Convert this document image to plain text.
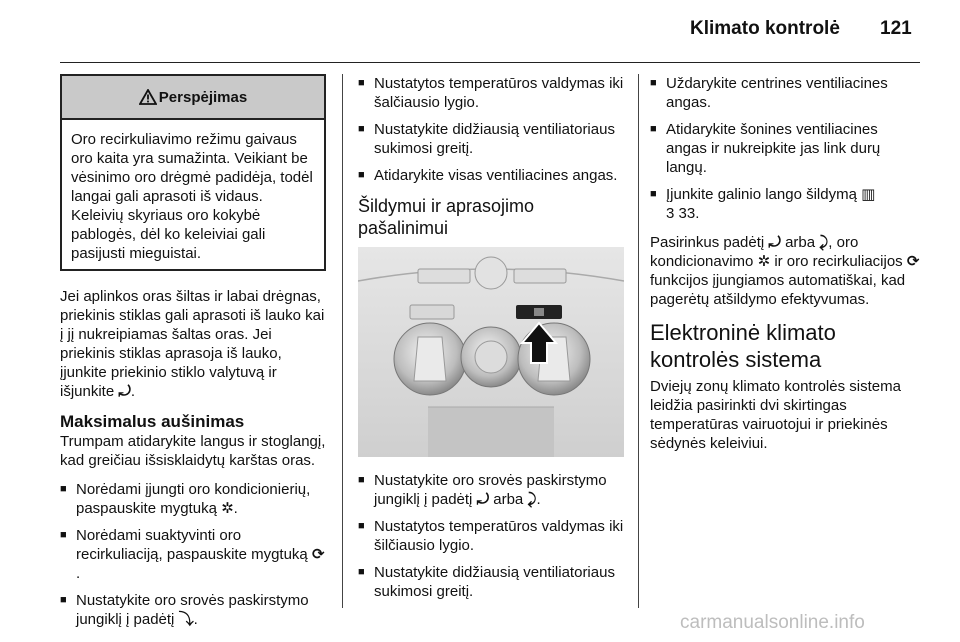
Klimato kontrolė 121
Perspėjimas
Oro recirkuliavimo režimu gaivaus oro kaita yra sumažinta. Veikiant be vėsinimo oro drėgmė padidėja, todėl langai gali aprasoti iš vidaus. Keleivių skyriaus oro kokybė pablogės, dėl ko keleiviai gali pasijusti mieguistai.

Jei aplinkos oras šiltas ir labai drėgnas, priekinis stiklas gali aprasoti iš lauko kai į jį nukreipiamas šaltas oras. Jei priekinis stiklas aprasoja iš lauko, įjunkite priekinio stiklo valytuvą ir išjunkite ⤾.

Maksimalus aušinimas

Trumpam atidarykite langus ir stoglangį, kad greičiau išsisklaidytų karštas oras.

■ Norėdami įjungti oro kondicionierių, paspauskite mygtuką ✲.
■ Norėdami suaktyvinti oro recirkuliaciją, paspauskite mygtuką ⟳.
■ Nustatykite oro srovės paskirstymo jungiklį į padėtį ⤵.
■ Nustatytos temperatūros valdymas iki šalčiausio lygio.
■ Nustatykite didžiausią ventiliatoriaus sukimosi greitį.
■ Atidarykite visas ventiliacines angas.
Šildymui ir aprasojimo pašalinimui
■ Nustatykite oro srovės paskirstymo jungiklį į padėtį ⤾ arba ⤸.
■ Nustatytos temperatūros valdymas iki šilčiausio lygio.
■ Nustatykite didžiausią ventiliatoriaus sukimosi greitį.
■ Uždarykite centrines ventiliacines angas.
■ Atidarykite šonines ventiliacines angas ir nukreipkite jas link durų langų.
■ Įjunkite galinio lango šildymą ▥
3 33.

Pasirinkus padėtį ⤾ arba ⤸, oro kondicionavimo ✲ ir oro recirkuliacijos ⟳ funkcijos įjungiamos automatiškai, kad pagerėtų atšildymo efektyvumas.

Elektroninė klimato kontrolės sistema

Dviejų zonų klimato kontrolės sistema leidžia pasirinkti dvi skirtingas temperatūras vairuotojui ir priekinės sėdynės keleiviui.

carmanualsonline.info
